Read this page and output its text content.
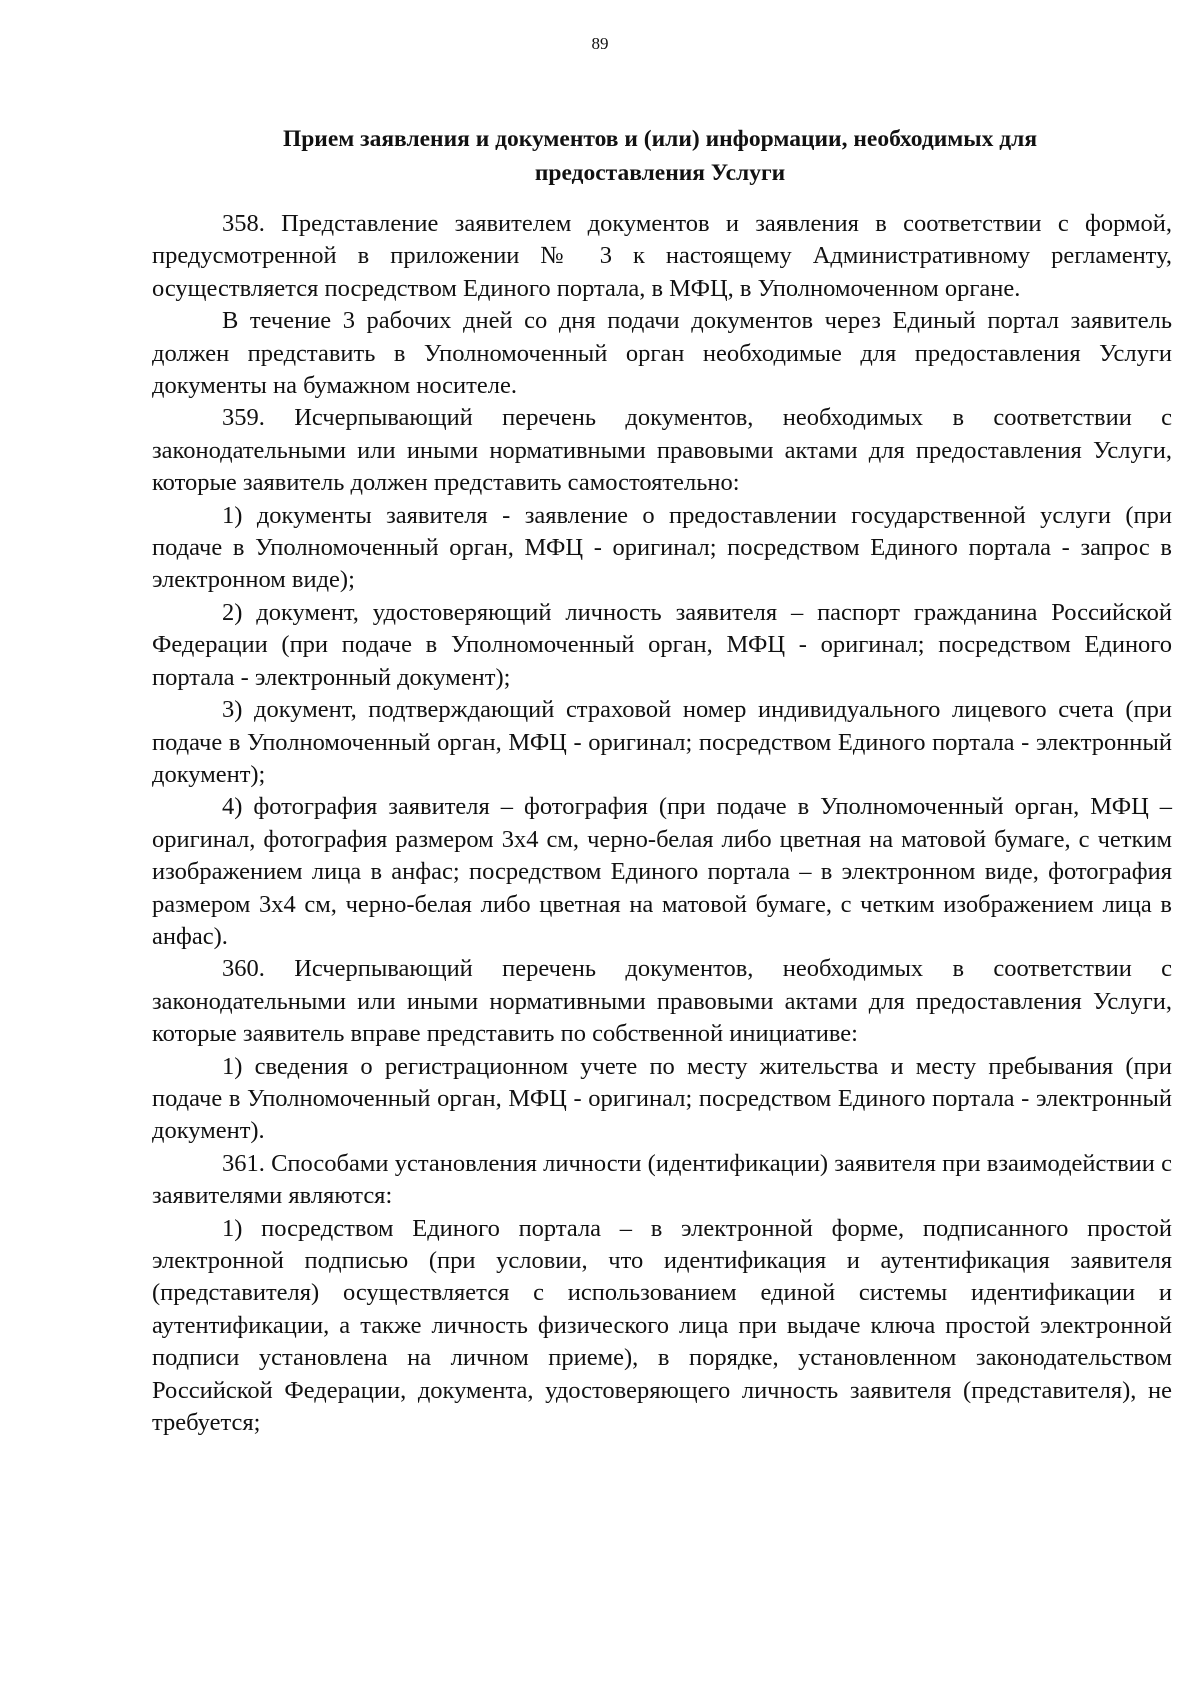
89
Прием заявления и документов и (или) информации, необходимых для
предоставления Услуги

358. Представление заявителем документов и заявления в соответствии с формой, предусмотренной в приложении № 3 к настоящему Административному регламенту, осуществляется посредством Единого портала, в МФЦ, в Уполномоченном органе.

В течение 3 рабочих дней со дня подачи документов через Единый портал заявитель должен представить в Уполномоченный орган необходимые для предоставления Услуги документы на бумажном носителе.

359. Исчерпывающий перечень документов, необходимых в соответствии с законодательными или иными нормативными правовыми актами для предоставления Услуги, которые заявитель должен представить самостоятельно:

1) документы заявителя - заявление о предоставлении государственной услуги (при подаче в Уполномоченный орган, МФЦ - оригинал; посредством Единого портала - запрос в электронном виде);

2) документ, удостоверяющий личность заявителя – паспорт гражданина Российской Федерации (при подаче в Уполномоченный орган, МФЦ - оригинал; посредством Единого портала - электронный документ);

3) документ, подтверждающий страховой номер индивидуального лицевого счета (при подаче в Уполномоченный орган, МФЦ - оригинал; посредством Единого портала - электронный документ);

4) фотография заявителя – фотография (при подаче в Уполномоченный орган, МФЦ – оригинал, фотография размером 3х4 см, черно-белая либо цветная на матовой бумаге, с четким изображением лица в анфас; посредством Единого портала – в электронном виде, фотография размером 3х4 см, черно-белая либо цветная на матовой бумаге, с четким изображением лица в анфас).

360. Исчерпывающий перечень документов, необходимых в соответствии с законодательными или иными нормативными правовыми актами для предоставления Услуги, которые заявитель вправе представить по собственной инициативе:

1) сведения о регистрационном учете по месту жительства и месту пребывания (при подаче в Уполномоченный орган, МФЦ - оригинал; посредством Единого портала - электронный документ).

361. Способами установления личности (идентификации) заявителя при взаимодействии с заявителями являются:

1) посредством Единого портала – в электронной форме, подписанного простой электронной подписью (при условии, что идентификация и аутентификация заявителя (представителя) осуществляется с использованием единой системы идентификации и аутентификации, а также личность физического лица при выдаче ключа простой электронной подписи установлена на личном приеме), в порядке, установленном законодательством Российской Федерации, документа, удостоверяющего личность заявителя (представителя), не требуется;
